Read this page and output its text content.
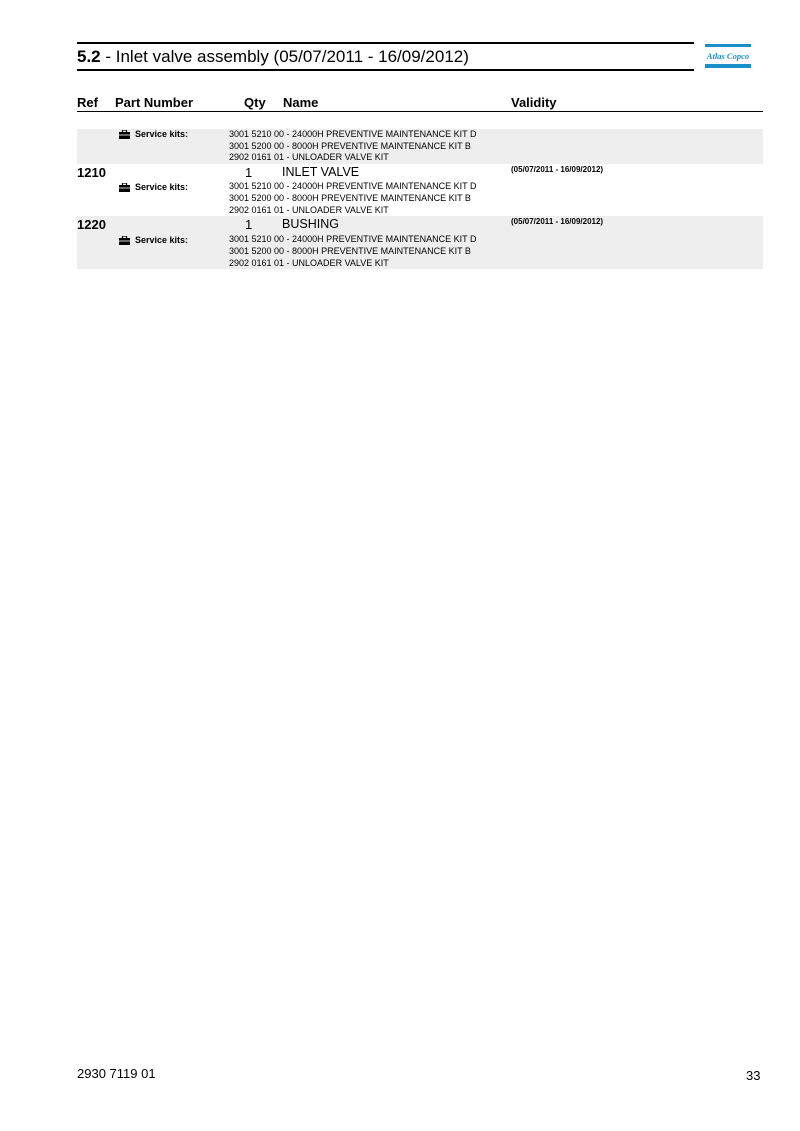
5.2 - Inlet valve assembly (05/07/2011 - 16/09/2012)	Atlas Copco
Ref Part Number	Qty Name	Validity
Service kits:	3001 5210 00 - 24000H PREVENTIVE MAINTENANCE KIT D
3001 5200 00 - 8000H PREVENTIVE MAINTENANCE KIT B
2902 0161 01 - UNLOADER VALVE KIT
1210	1 INLET VALVE	(05/07/2011 - 16/09/2012)
Service kits:	3001 5210 00 - 24000H PREVENTIVE MAINTENANCE KIT D
3001 5200 00 - 8000H PREVENTIVE MAINTENANCE KIT B
2902 0161 01 - UNLOADER VALVE KIT
1220	1 BUSHING	(05/07/2011 - 16/09/2012)
Service kits:	3001 5210 00 - 24000H PREVENTIVE MAINTENANCE KIT D
3001 5200 00 - 8000H PREVENTIVE MAINTENANCE KIT B
2902 0161 01 - UNLOADER VALVE KIT
2930 7119 01	33
